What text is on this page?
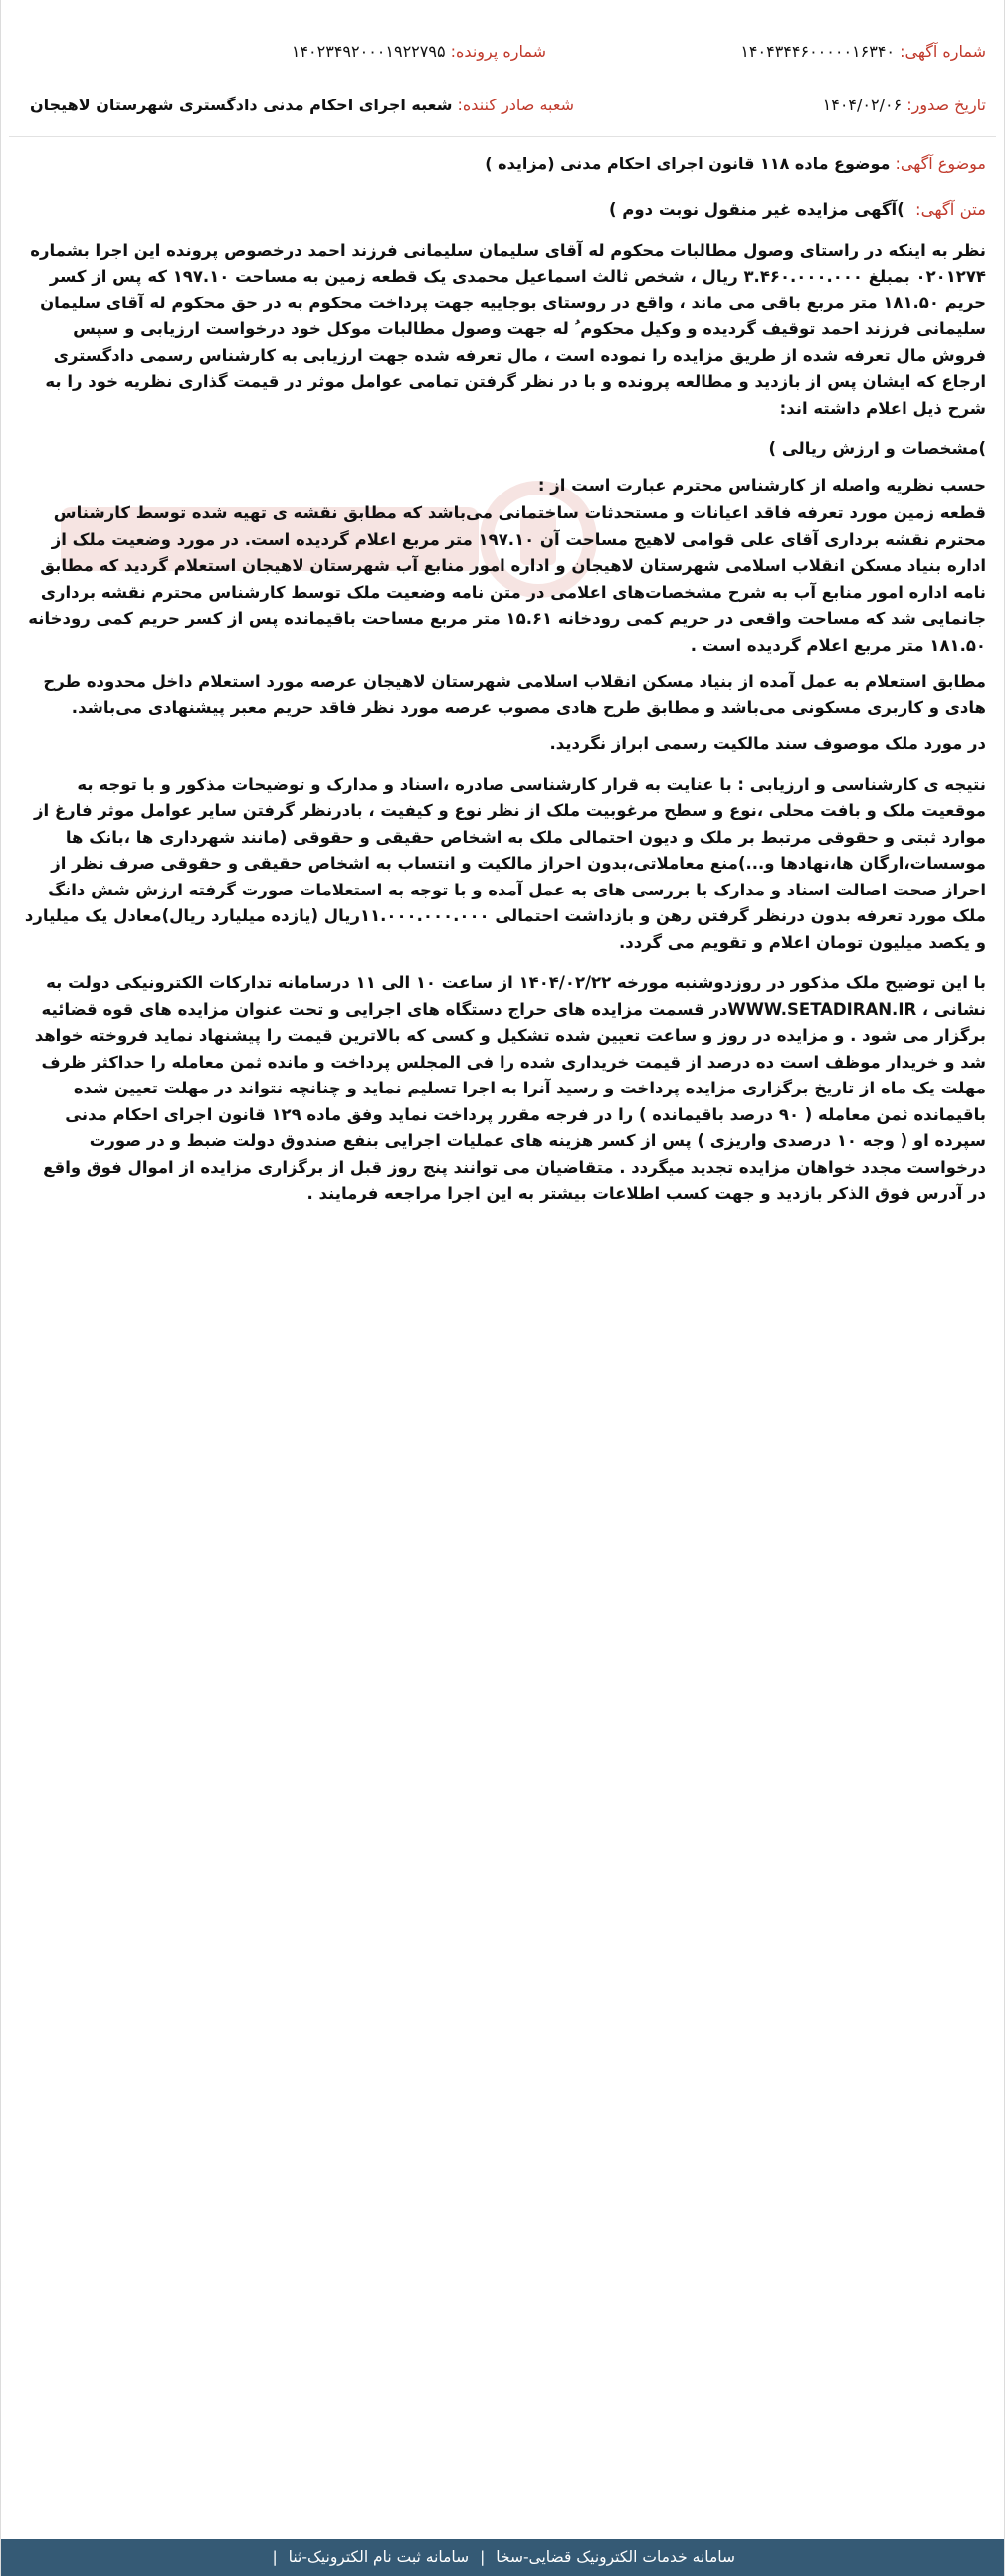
شماره آگهی: ۱۴۰۴۳۴۴۶۰۰۰۰۰۱۶۳۴۰
شماره پرونده: ۱۴۰۲۳۴۹۲۰۰۰۱۹۲۲۷۹۵
تاریخ صدور: ۱۴۰۴/۰۲/۰۶
شعبه صادر کننده: شعبه اجرای احکام مدنی دادگستری شهرستان لاهیجان
موضوع آگهی: موضوع ماده ۱۱۸ قانون اجرای احکام مدنی (مزایده )
متن آگهی: )آگهی مزایده غیر منقول نوبت دوم )
نظر به اینکه در راستای وصول مطالبات محکوم له آقای سلیمان سلیمانی فرزند احمد درخصوص پرونده این اجرا بشماره ۰۲۰۱۲۷۴ بمبلغ ۳.۴۶۰.۰۰۰.۰۰۰ ریال ، شخص ثالث اسماعیل محمدی یک قطعه زمین به مساحت ۱۹۷.۱۰ که پس از کسر حریم ۱۸۱.۵۰ متر مربع باقی می ماند ، واقع در روستای بوجاییه جهت پرداخت محکوم به در حق محکوم له آقای سلیمان سلیمانی فرزند احمد توقیف گردیده و وکیل محکوم ُ له جهت وصول مطالبات موکل خود درخواست ارزیابی و سپس فروش مال تعرفه شده از طریق مزایده را نموده است ، مال تعرفه شده جهت ارزیابی به کارشناس رسمی دادگستری ارجاع که ایشان پس از بازدید و مطالعه پرونده و با در نظر گرفتن تمامی عوامل موثر در قیمت گذاری نظریه خود را به شرح ذیل اعلام داشته اند:
)مشخصات و ارزش ریالی )
حسب نظریه واصله از کارشناس محترم عبارت است از :
قطعه زمین مورد تعرفه فاقد اعیانات و مستحدثات ساختمانی می‌باشد که مطابق نقشه ی تهیه شده توسط کارشناس محترم نقشه برداری آقای علی قوامی لاهیج مساحت آن ۱۹۷.۱۰ متر مربع اعلام گردیده است. در مورد وضعیت ملک از اداره بنیاد مسکن انقلاب اسلامی شهرستان لاهیجان و اداره امور منابع آب شهرستان لاهیجان استعلام گردید که مطابق نامه اداره امور منابع آب به شرح مشخصات‌های اعلامی در متن نامه وضعیت ملک توسط کارشناس محترم نقشه برداری جانمایی شد که مساحت واقعی در حریم کمی رودخانه ۱۵.۶۱ متر مربع مساحت باقیمانده پس از کسر حریم کمی رودخانه ۱۸۱.۵۰ متر مربع اعلام گردیده است .
مطابق استعلام به عمل آمده از بنیاد مسکن انقلاب اسلامی شهرستان لاهیجان عرصه مورد استعلام داخل محدوده طرح هادی و کاربری مسکونی می‌باشد و مطابق طرح هادی مصوب عرصه مورد نظر فاقد حریم معبر پیشنهادی می‌باشد.
در مورد ملک موصوف سند مالکیت رسمی ابراز نگردید.
نتیجه ی کارشناسی و ارزیابی : با عنایت به قرار کارشناسی صادره ،اسناد و مدارک و توضیحات مذکور و با توجه به موقعیت ملک و بافت محلی ،نوع و سطح مرغوبیت ملک از نظر نوع و کیفیت ، بادرنظر گرفتن سایر عوامل موثر فارغ از موارد ثبتی و حقوقی مرتبط بر ملک و دیون احتمالی ملک به اشخاص حقیقی و حقوقی (مانند شهرداری ها ،بانک ها موسسات،ارگان ها،نهادها و...)منع معاملاتی،بدون احراز مالکیت و انتساب به اشخاص حقیقی و حقوقی صرف نظر از احراز صحت اصالت اسناد و مدارک با بررسی های به عمل آمده و با توجه به استعلامات صورت گرفته ارزش شش دانگ ملک مورد تعرفه بدون درنظر گرفتن رهن و بازداشت احتمالی ۱۱.۰۰۰.۰۰۰.۰۰۰ریال (یازده میلیارد ریال)معادل یک میلیارد و یکصد میلیون تومان اعلام و تقویم می گردد.
با این توضیح ملک مذکور در روزدوشنبه مورخه ۱۴۰۴/۰۲/۲۲ از ساعت ۱۰ الی ۱۱ درسامانه تدارکات الکترونیکی دولت به نشانی ، WWW.SETADIRAN.IRدر قسمت مزایده های حراج دستگاه های اجرایی و تحت عنوان مزایده های قوه قضائیه برگزار می شود . و مزایده در روز و ساعت تعیین شده تشکیل و کسی که بالاترین قیمت را پیشنهاد نماید فروخته خواهد شد و خریدار موظف است ده درصد از قیمت خریداری شده را فی المجلس پرداخت و مانده ثمن معامله را حداکثر ظرف مهلت یک ماه از تاریخ برگزاری مزایده پرداخت و رسید آنرا به اجرا تسلیم نماید و چنانچه نتواند در مهلت تعیین شده باقیمانده ثمن معامله ( ۹۰ درصد باقیمانده ) را در فرجه مقرر پرداخت نماید وفق ماده ۱۲۹ قانون اجرای احکام مدنی سپرده او ( وجه ۱۰ درصدی واریزی ) پس از کسر هزینه های عملیات اجرایی بنفع صندوق دولت ضبط و در صورت درخواست مجدد خواهان مزایده تجدید میگردد . متقاضیان می توانند پنج روز قبل از برگزاری مزایده از اموال فوق واقع در آدرس فوق الذکر بازدید و جهت کسب اطلاعات بیشتر به این اجرا مراجعه فرمایند .
سامانه خدمات الکترونیک قضایی-سخا | سامانه ثبت نام الکترونیک-ثنا |
